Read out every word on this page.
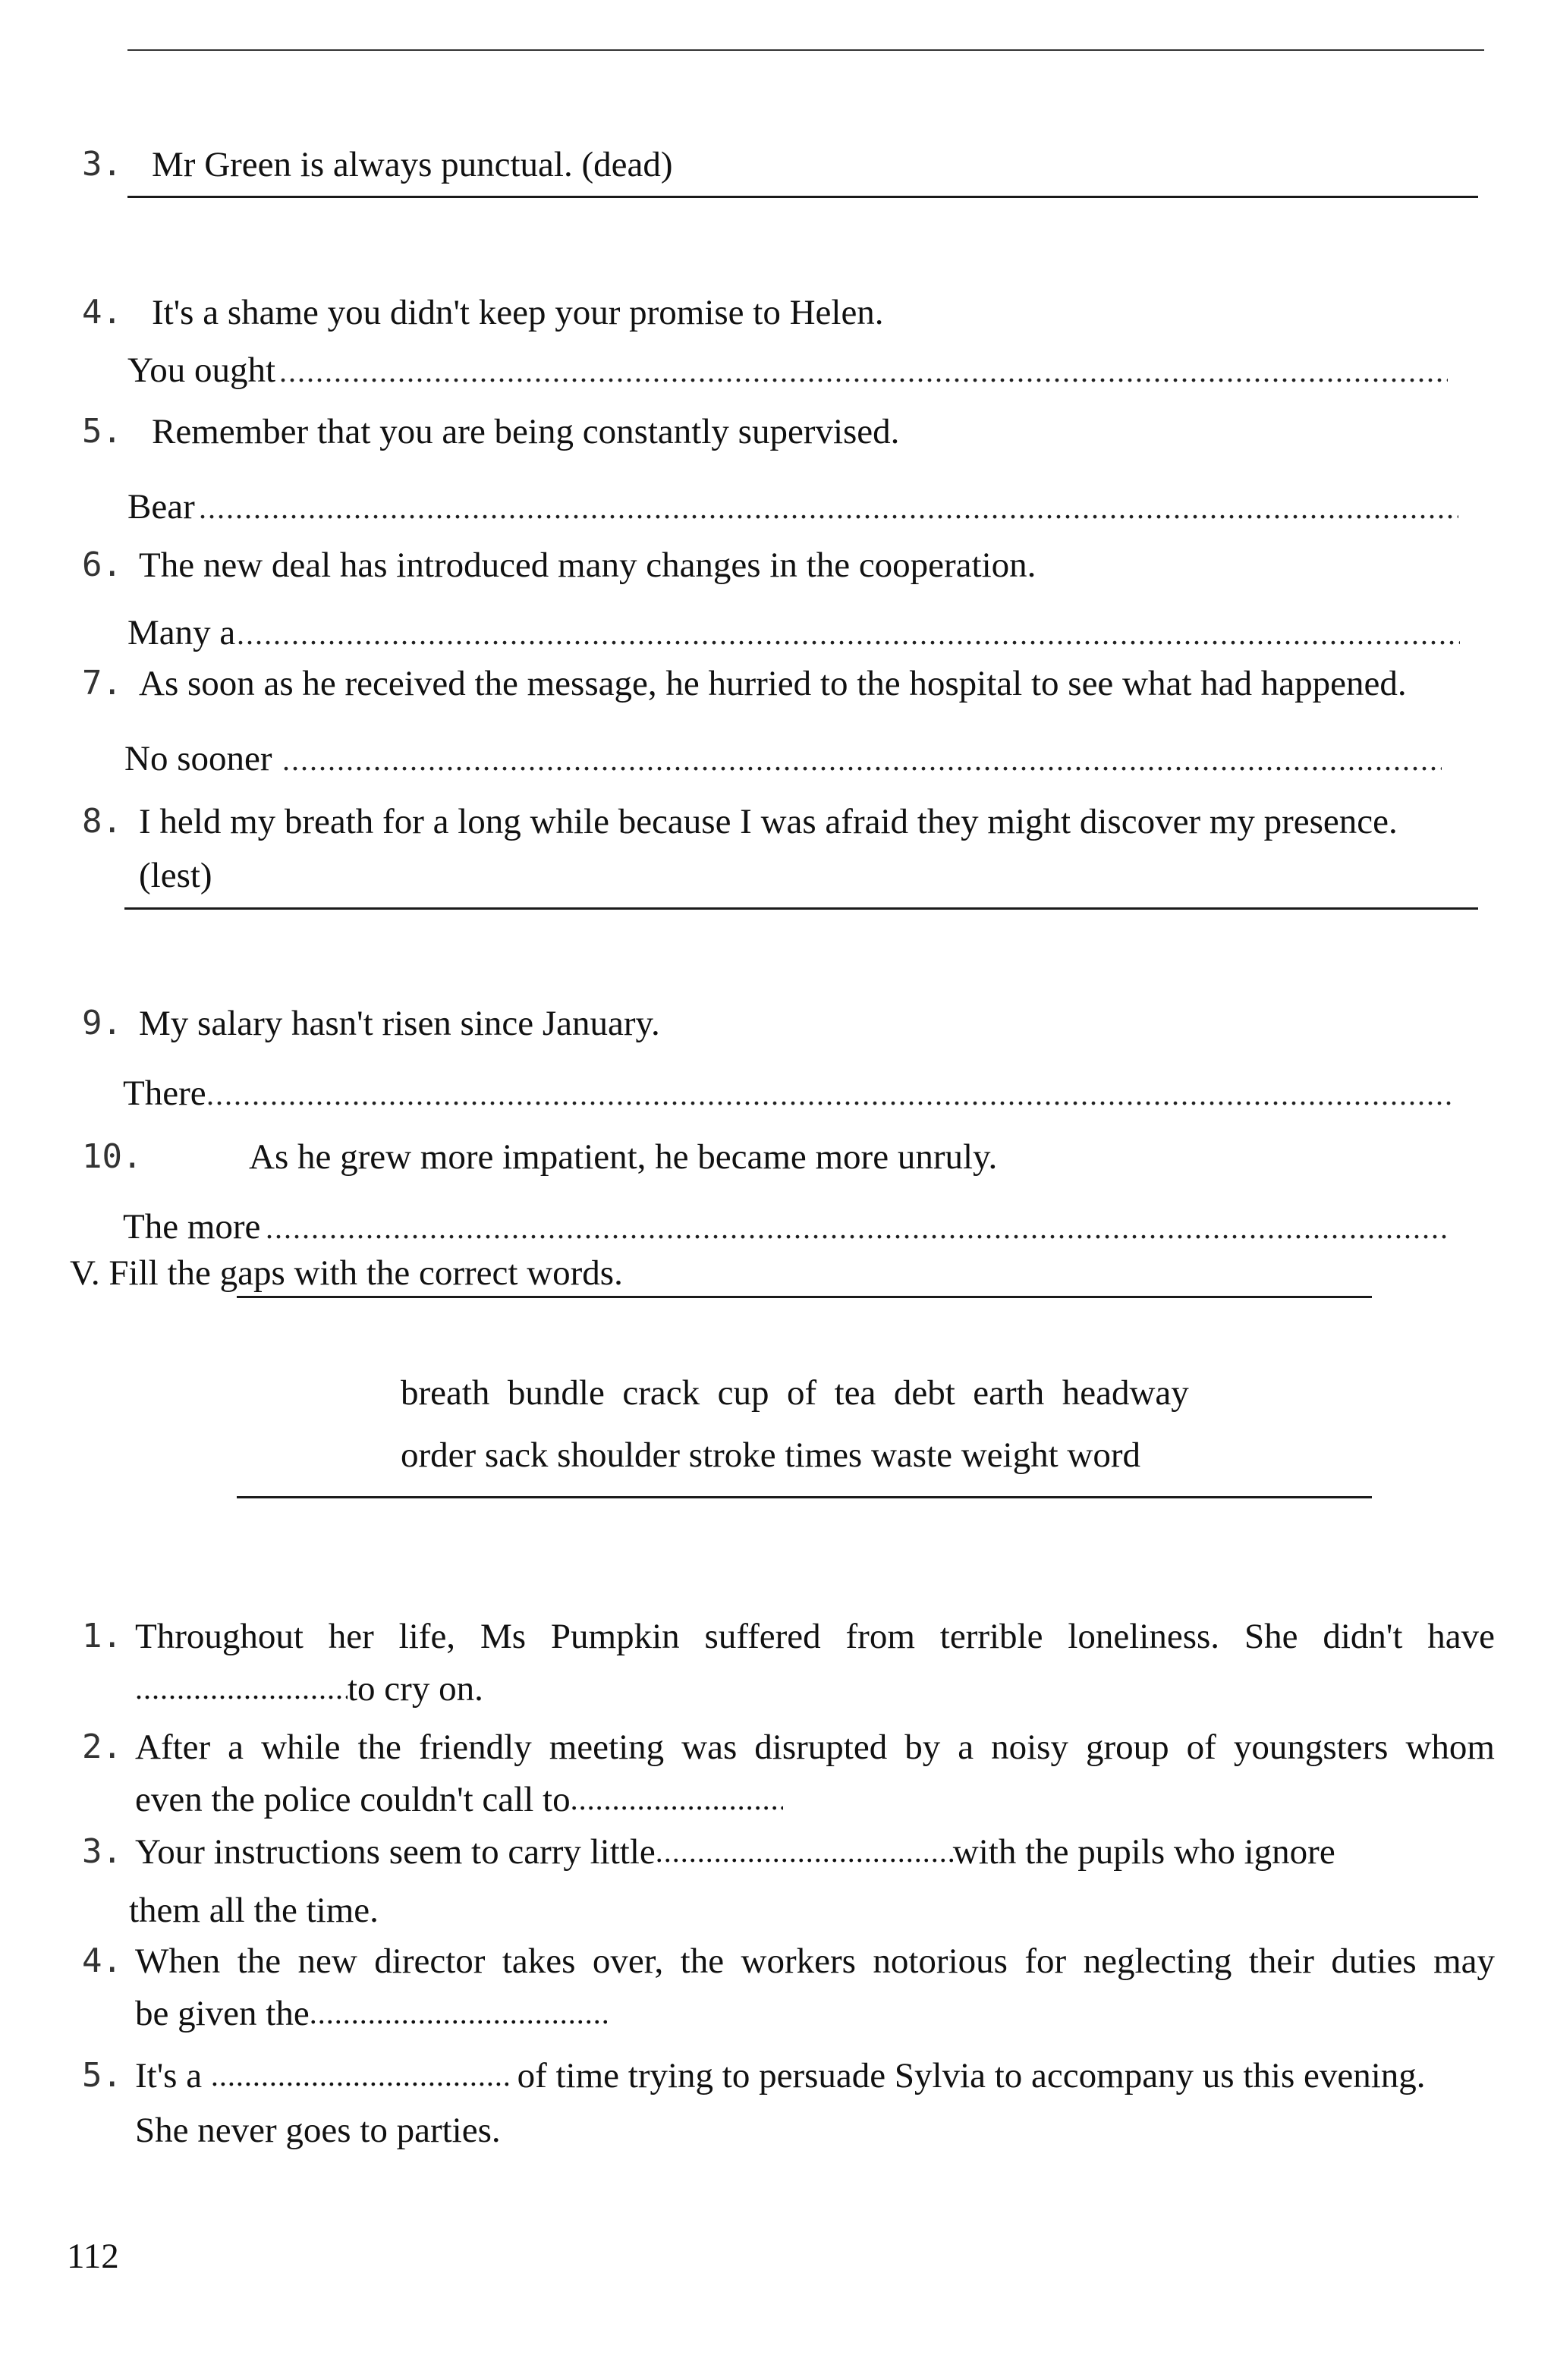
3. Mr Green is always punctual. (dead)
4. It's a shame you didn't keep your promise to Helen.
You ought
.....
5. Remember that you are being constantly supervised.
Bear
.....
6. The new deal has introduced many changes in the cooperation.
Many a
.....
7. As soon as he received the message, he hurried to the hospital to see what had happened.
No sooner
.....
8. I held my breath for a long while because I was afraid they might discover my presence.
(lest)
9. My salary hasn't risen since January.
There
.....
10.	As he grew more impatient, he became more unruly.
The more
.....
V. Fill the gaps with the correct words.
breath  bundle  crack  cup  of  tea  debt  earth  headway
order sack shoulder stroke times waste weight word
1. Throughout her life, Ms Pumpkin suffered from terrible loneliness. She didn't have
.....to cry on.
2. After a while the friendly meeting was disrupted by a noisy group of youngsters whom
even the police couldn't call to.....
3. Your instructions seem to carry little .....	with the pupils who ignore
them all the time.
4. When the new director takes over, the workers notorious for neglecting their duties may
be given the.....
5. It's a .....	of time trying to persuade Sylvia to accompany us this evening.
She never goes to parties.
112
